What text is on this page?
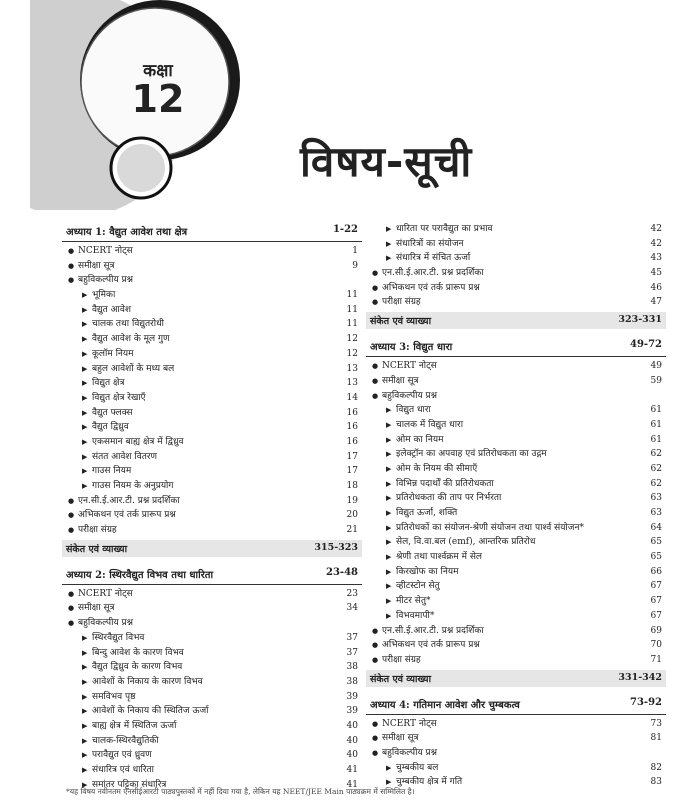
कक्षा
12
विषय-सूची
अध्याय 1: वैद्युत आवेश तथा क्षेत्र	1-22
● NCERT नोट्स	1
● समीक्षा सूत्र	9
● बहुविकल्पीय प्रश्न
▶ भूमिका	11
▶ वैद्युत आवेश	11
▶ चालक तथा विद्युतरोधी	11
▶ वैद्युत आवेश के मूल गुण	12
▶ कूलॉम नियम	12
▶ बहुल आवेशों के मध्य बल	13
▶ विद्युत क्षेत्र	13
▶ विद्युत क्षेत्र रेखाएँ	14
▶ वैद्युत फ्लक्स	16
▶ वैद्युत द्विध्रुव	16
▶ एकसमान बाह्य क्षेत्र में द्विध्रुव	16
▶ संतत आवेश वितरण	17
▶ गाउस नियम	17
▶ गाउस नियम के अनुप्रयोग	18
● एन.सी.ई.आर.टी. प्रश्न प्रदर्शिका	19
● अभिकथन एवं तर्क प्रारूप प्रश्न	20
● परीक्षा संग्रह	21
संकेत एवं व्याख्या	315-323
अध्याय 2: स्थिरवैद्युत विभव तथा धारिता	23-48
● NCERT नोट्स	23
● समीक्षा सूत्र	34
● बहुविकल्पीय प्रश्न
▶ स्थिरवैद्युत विभव	37
▶ बिन्दु आवेश के कारण विभव	37
▶ वैद्युत द्विध्रुव के कारण विभव	38
▶ आवेशों के निकाय के कारण विभव	38
▶ समविभव पृष्ठ	39
▶ आवेशों के निकाय की स्थितिज ऊर्जा	39
▶ बाह्य क्षेत्र में स्थितिज ऊर्जा	40
▶ चालक-स्थिरवैद्युतिकी	40
▶ परावैद्युत एवं ध्रुवण	40
▶ संधारित्र एवं धारिता	41
▶ समांतर पट्टिका संधारित्र	41
▶ धारिता पर परावैद्युत का प्रभाव	42
▶ संधारित्रों का संयोजन	42
▶ संधारित्र में संचित ऊर्जा	43
● एन.सी.ई.आर.टी. प्रश्न प्रदर्शिका	45
● अभिकथन एवं तर्क प्रारूप प्रश्न	46
● परीक्षा संग्रह	47
संकेत एवं व्याख्या	323-331
अध्याय 3: विद्युत धारा	49-72
● NCERT नोट्स	49
● समीक्षा सूत्र	59
● बहुविकल्पीय प्रश्न
▶ विद्युत धारा	61
▶ चालक में विद्युत धारा	61
▶ ओम का नियम	61
▶ इलेक्ट्रॉन का अपवाह एवं प्रतिरोधकता का उद्गम	62
▶ ओम के नियम की सीमाएँ	62
▶ विभिन्न पदार्थों की प्रतिरोधकता	62
▶ प्रतिरोधकता की ताप पर निर्भरता	63
▶ विद्युत ऊर्जा, शक्ति	63
▶ प्रतिरोधकों का संयोजन-श्रेणी संयोजन तथा पार्श्व संयोजन*	64
▶ सेल, वि.वा.बल (emf), आन्तरिक प्रतिरोध	65
▶ श्रेणी तथा पार्श्वक्रम में सेल	65
▶ किरखोफ का नियम	66
▶ व्हीटस्टोन सेतु	67
▶ मीटर सेतु*	67
▶ विभवमापी*	67
● एन.सी.ई.आर.टी. प्रश्न प्रदर्शिका	69
● अभिकथन एवं तर्क प्रारूप प्रश्न	70
● परीक्षा संग्रह	71
संकेत एवं व्याख्या	331-342
अध्याय 4: गतिमान आवेश और चुम्बकत्व	73-92
● NCERT नोट्स	73
● समीक्षा सूत्र	81
● बहुविकल्पीय प्रश्न
▶ चुम्बकीय बल	82
▶ चुम्बकीय क्षेत्र में गति	83
*यह विषय नवीनतम एनसीईआरटी पाठ्यपुस्तकों में नहीं दिया गया है, लेकिन यह NEET/JEE Main पाठ्यक्रम में सम्मिलित है।
